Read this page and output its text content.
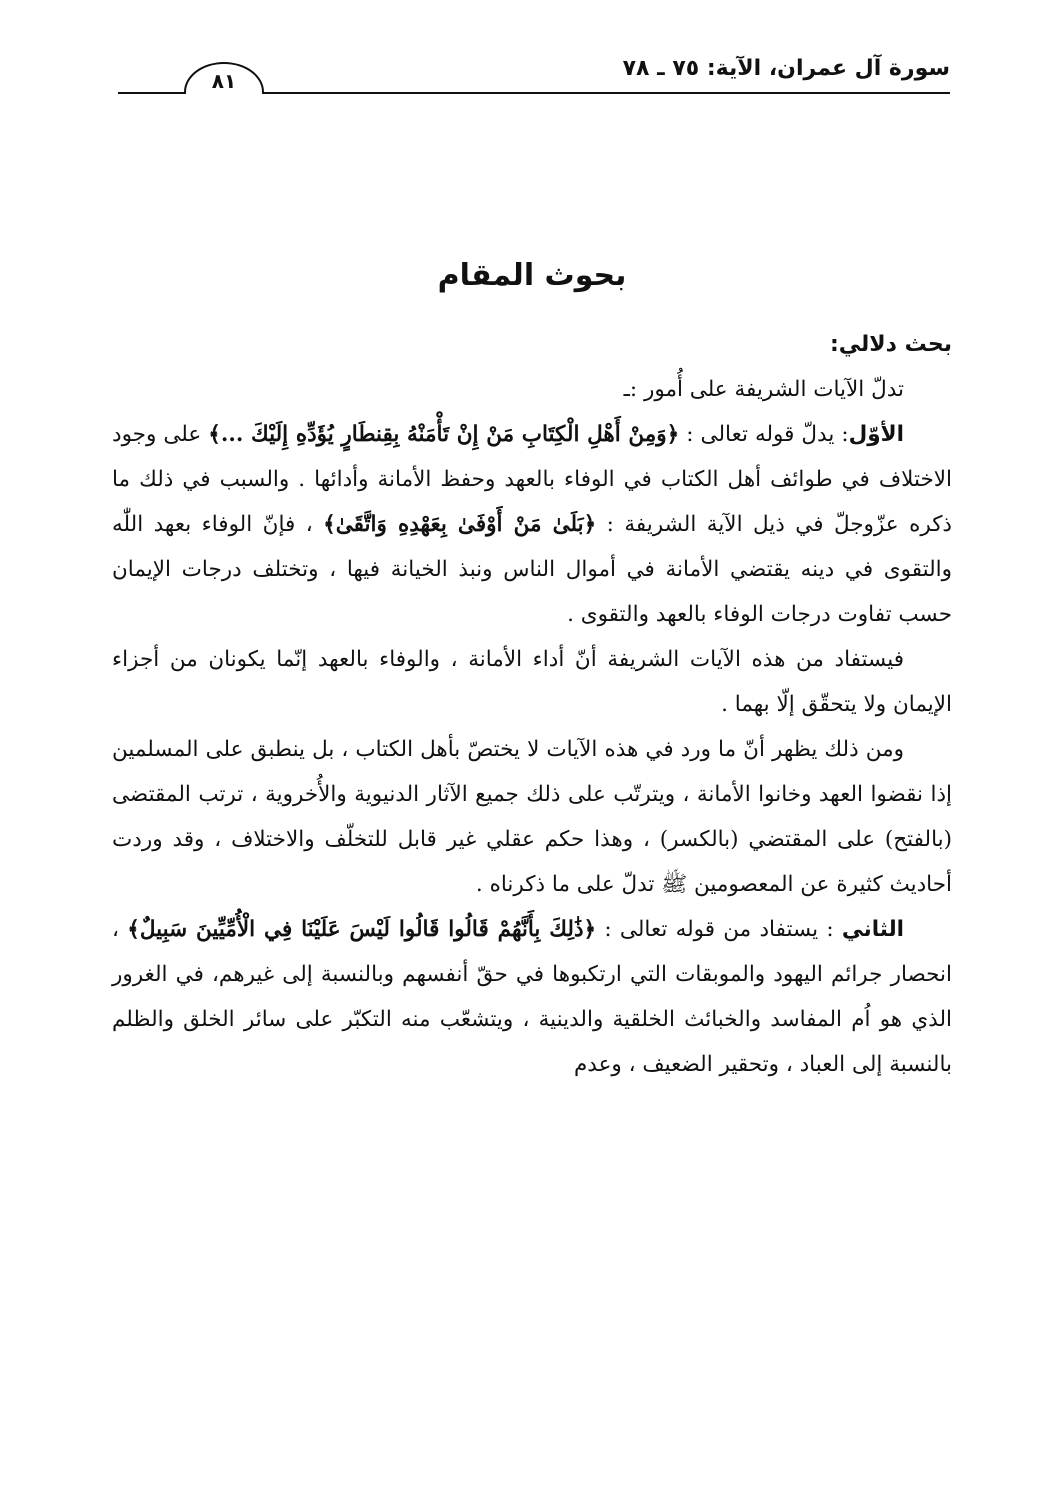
سورة آل عمران، الآية: ٧٥ ـ ٧٨
٨١
بحوث المقام

بحث دلالي:

تدلّ الآيات الشريفة على أُمور :ـ

الأوّل: يدلّ قوله تعالى : ﴿وَمِنْ أَهْلِ الْكِتَابِ مَنْ إِنْ تَأْمَنْهُ بِقِنطَارٍ يُؤَدِّهِ إِلَيْكَ ...﴾ على وجود الاختلاف في طوائف أهل الكتاب في الوفاء بالعهد وحفظ الأمانة وأدائها . والسبب في ذلك ما ذكره عزّوجلّ في ذيل الآية الشريفة : ﴿بَلَىٰ مَنْ أَوْفَىٰ بِعَهْدِهِ وَاتَّقَىٰ﴾ ، فإنّ الوفاء بعهد اللّٰه والتقوى في دينه يقتضي الأمانة في أموال الناس ونبذ الخيانة فيها ، وتختلف درجات الإيمان حسب تفاوت درجات الوفاء بالعهد والتقوى .

فيستفاد من هذه الآيات الشريفة أنّ أداء الأمانة ، والوفاء بالعهد إنّما يكونان من أجزاء الإيمان ولا يتحقّق إلّا بهما .

ومن ذلك يظهر أنّ ما ورد في هذه الآيات لا يختصّ بأهل الكتاب ، بل ينطبق على المسلمين إذا نقضوا العهد وخانوا الأمانة ، ويترتّب على ذلك جميع الآثار الدنيوية والأُخروية ، ترتب المقتضى (بالفتح) على المقتضي (بالكسر) ، وهذا حكم عقلي غير قابل للتخلّف والاختلاف ، وقد وردت أحاديث كثيرة عن المعصومين ﷺ تدلّ على ما ذكرناه .

الثاني : يستفاد من قوله تعالى : ﴿ذَٰلِكَ بِأَنَّهُمْ قَالُوا قَالُوا لَيْسَ عَلَيْنَا فِي الْأُمِّيِّينَ سَبِيلٌ﴾ ، انحصار جرائم اليهود والموبقات التي ارتكبوها في حقّ أنفسهم وبالنسبة إلى غيرهم، في الغرور الذي هو اُم المفاسد والخبائث الخلقية والدينية ، ويتشعّب منه التكبّر على سائر الخلق والظلم بالنسبة إلى العباد ، وتحقير الضعيف ، وعدم
